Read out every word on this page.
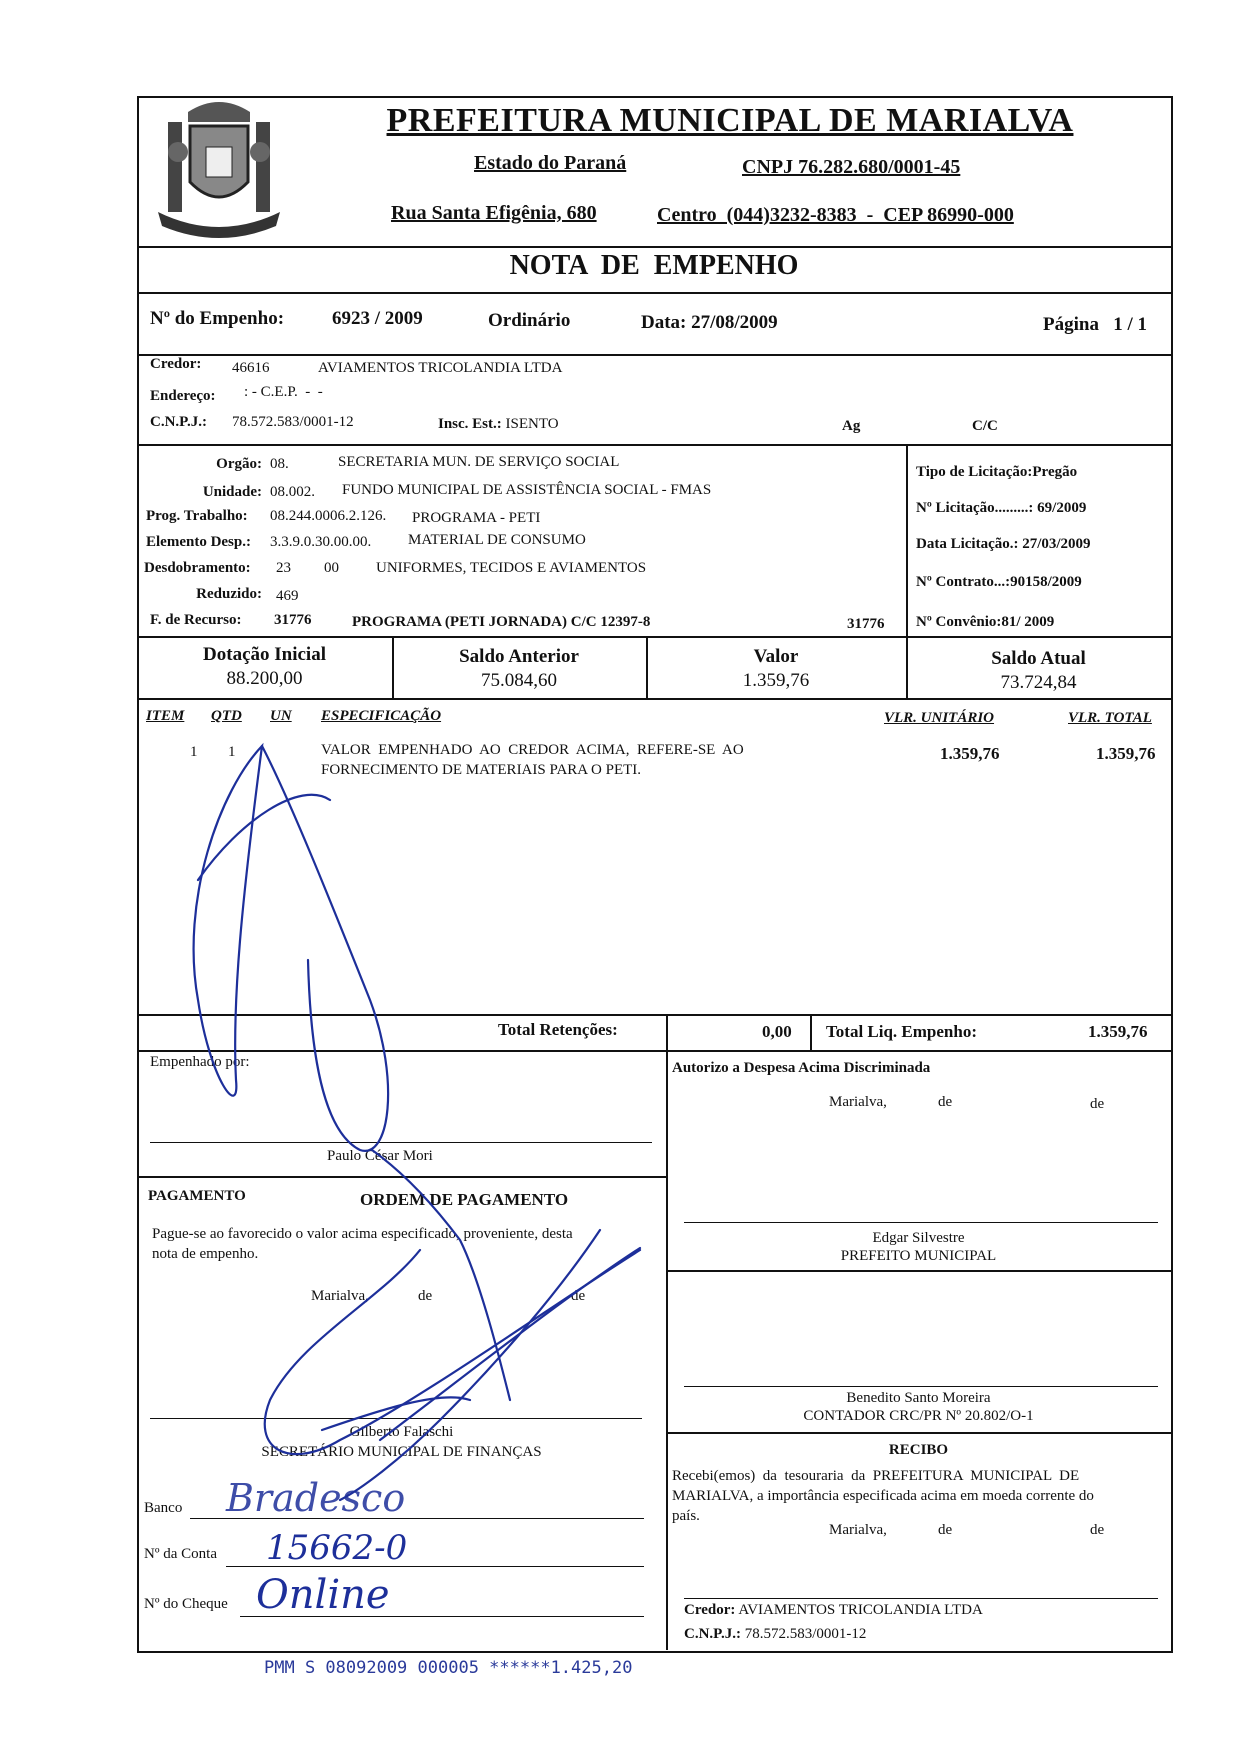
PREFEITURA MUNICIPAL DE MARIALVA
Estado do Paraná	CNPJ 76.282.680/0001-45
Rua Santa Efigênia, 680	Centro  (044)3232-8383  -  CEP 86990-000
NOTA  DE  EMPENHO
Nº do Empenho:	6923 / 2009	Ordinário	Data: 27/08/2009	Página   1 / 1
Credor: 46616	AVIAMENTOS TRICOLANDIA LTDA
Endereço: : - C.E.P.  -  -
C.N.P.J.: 78.572.583/0001-12	Insc. Est.: ISENTO	Ag	C/C
Orgão: 08.	SECRETARIA MUN. DE SERVIÇO SOCIAL
Unidade: 08.002. FUNDO MUNICIPAL DE ASSISTÊNCIA SOCIAL - FMAS
Prog. Trabalho: 08.244.0006.2.126. PROGRAMA - PETI
Elemento Desp.: 3.3.9.0.30.00.00. MATERIAL DE CONSUMO
Desdobramento: 23 00 UNIFORMES, TECIDOS E AVIAMENTOS
Reduzido: 469
F. de Recurso: 31776	PROGRAMA (PETI JORNADA) C/C 12397-8	31776
Tipo de Licitação:Pregão
Nº Licitação.........: 69/2009
Data Licitação.: 27/03/2009
Nº Contrato...:90158/2009
Nº Convênio:81/ 2009
Dotação Inicial
88.200,00
Saldo Anterior
75.084,60
Valor
1.359,76
Saldo Atual
73.724,84
ITEM QTD UN ESPECIFICAÇÃO	VLR. UNITÁRIO	VLR. TOTAL
1 1	VALOR  EMPENHADO  AO  CREDOR  ACIMA,  REFERE-SE  AO
FORNECIMENTO DE MATERIAIS PARA O PETI.
1.359,76	1.359,76
Total Retenções:	0,00 Total Liq. Empenho:	1.359,76
Empenhado por:
Paulo César Mori
PAGAMENTO	ORDEM DE PAGAMENTO
Pague-se ao favorecido o valor acima especificado, proveniente, desta
nota de empenho.
Marialva,	de	de
Gilberto Falaschi
SECRETÁRIO MUNICIPAL DE FINANÇAS
Banco Bradesco
Nº da Conta 15662-0
Nº do Cheque Online
Autorizo a Despesa Acima Discriminada
Marialva,	de	de
Edgar Silvestre
PREFEITO MUNICIPAL
Benedito Santo Moreira
CONTADOR CRC/PR Nº 20.802/O-1
RECIBO
Recebi(emos)  da  tesouraria  da  PREFEITURA  MUNICIPAL  DE
MARIALVA, a importância especificada acima em moeda corrente do
país.
Marialva,	de	de
Credor: AVIAMENTOS TRICOLANDIA LTDA
C.N.P.J.: 78.572.583/0001-12
PMM S 08092009 000005 ******1.425,20
